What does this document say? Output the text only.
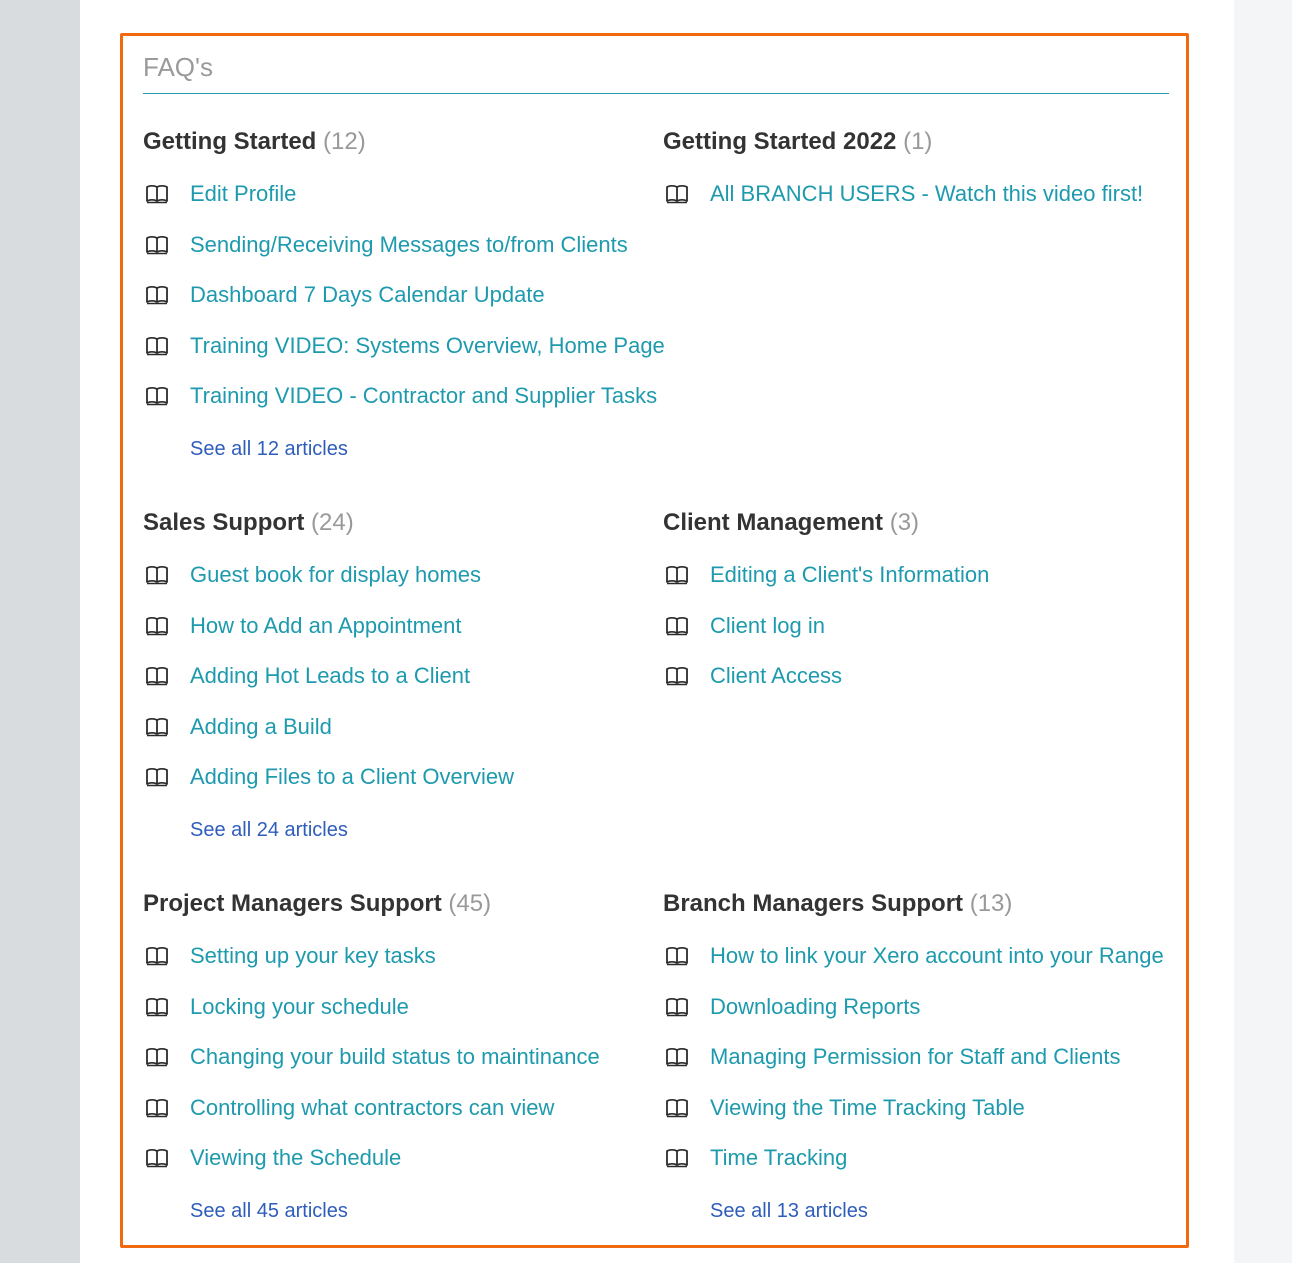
FAQ's
Getting Started (12)
Edit Profile
Sending/Receiving Messages to/from Clients
Dashboard 7 Days Calendar Update
Training VIDEO: Systems Overview, Home Page
Training VIDEO - Contractor and Supplier Tasks
See all 12 articles
Getting Started 2022 (1)
All BRANCH USERS - Watch this video first!
Sales Support (24)
Guest book for display homes
How to Add an Appointment
Adding Hot Leads to a Client
Adding a Build
Adding Files to a Client Overview
See all 24 articles
Client Management (3)
Editing a Client's Information
Client log in
Client Access
Project Managers Support (45)
Setting up your key tasks
Locking your schedule
Changing your build status to maintinance
Controlling what contractors can view
Viewing the Schedule
See all 45 articles
Branch Managers Support (13)
How to link your Xero account into your Range
Downloading Reports
Managing Permission for Staff and Clients
Viewing the Time Tracking Table
Time Tracking
See all 13 articles
